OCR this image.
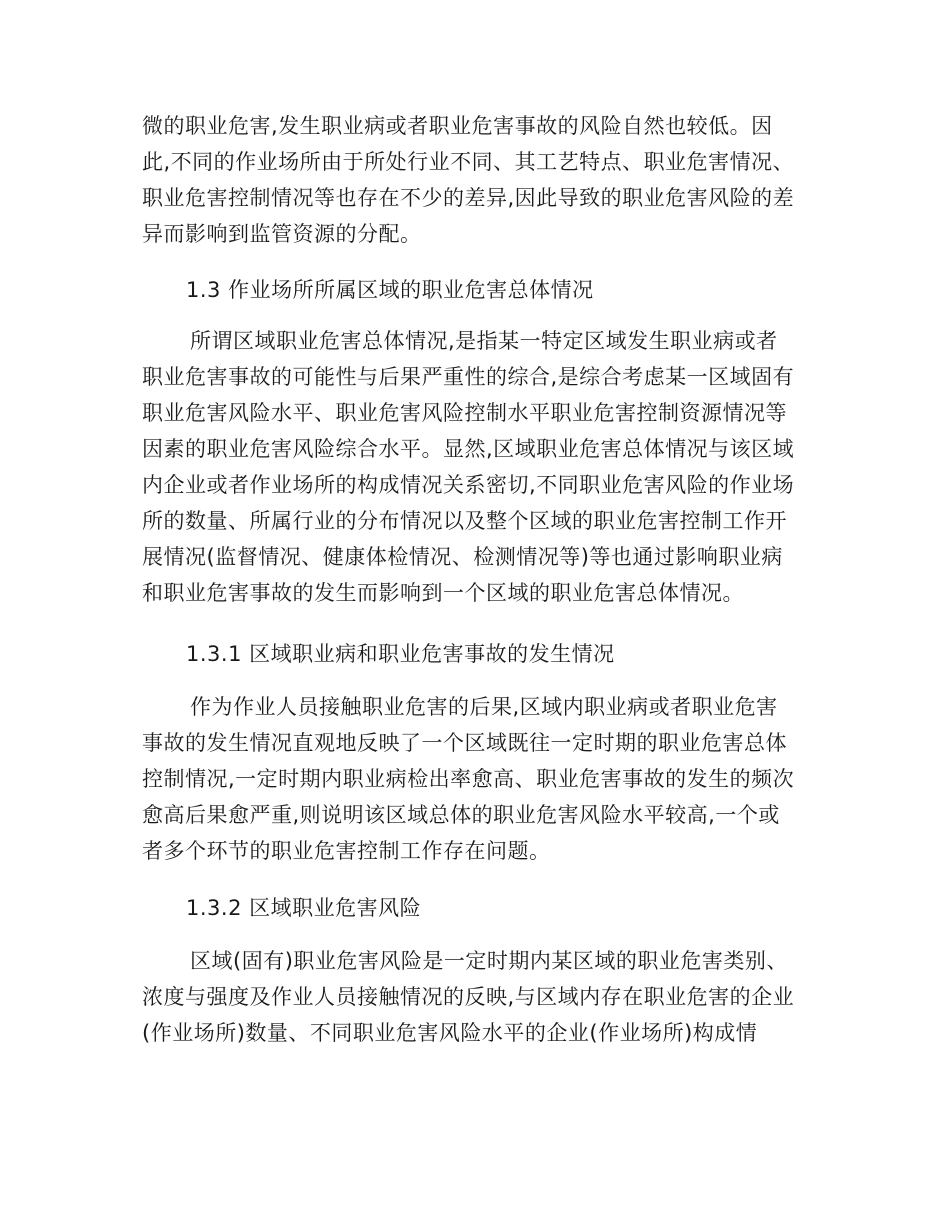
微的职业危害,发生职业病或者职业危害事故的风险自然也较低。因
此,不同的作业场所由于所处行业不同、其工艺特点、职业危害情况、
职业危害控制情况等也存在不少的差异,因此导致的职业危害风险的差
异而影响到监管资源的分配。
1.3 作业场所所属区域的职业危害总体情况
所谓区域职业危害总体情况,是指某一特定区域发生职业病或者
职业危害事故的可能性与后果严重性的综合,是综合考虑某一区域固有
职业危害风险水平、职业危害风险控制水平职业危害控制资源情况等
因素的职业危害风险综合水平。显然,区域职业危害总体情况与该区域
内企业或者作业场所的构成情况关系密切,不同职业危害风险的作业场
所的数量、所属行业的分布情况以及整个区域的职业危害控制工作开
展情况(监督情况、健康体检情况、检测情况等)等也通过影响职业病
和职业危害事故的发生而影响到一个区域的职业危害总体情况。
1.3.1 区域职业病和职业危害事故的发生情况
作为作业人员接触职业危害的后果,区域内职业病或者职业危害
事故的发生情况直观地反映了一个区域既往一定时期的职业危害总体
控制情况,一定时期内职业病检出率愈高、职业危害事故的发生的频次
愈高后果愈严重,则说明该区域总体的职业危害风险水平较高,一个或
者多个环节的职业危害控制工作存在问题。
1.3.2 区域职业危害风险
区域(固有)职业危害风险是一定时期内某区域的职业危害类别、
浓度与强度及作业人员接触情况的反映,与区域内存在职业危害的企业
(作业场所)数量、不同职业危害风险水平的企业(作业场所)构成情
